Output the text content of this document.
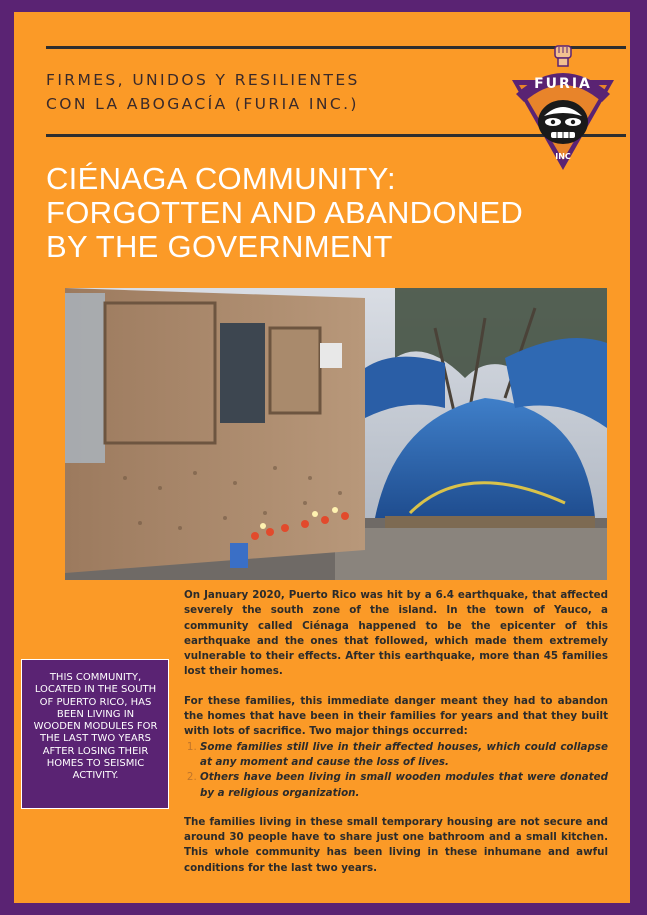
FIRMES, UNIDOS Y RESILIENTES
CON LA ABOGACÍA (FURIA INC.)
FURIA
INC
CIÉNAGA COMMUNITY:
FORGOTTEN AND ABANDONED
BY THE GOVERNMENT

On January 2020, Puerto Rico was hit by a 6.4 earthquake, that affected severely the south zone of the island. In the town of Yauco, a community called Ciénaga happened to be the epicenter of this earthquake and the ones that followed, which made them extremely vulnerable to their effects. After this earthquake, more than 45 families lost their homes.

For these families, this immediate danger meant they had to abandon the homes that have been in their families for years and that they built with lots of sacrifice. Two major things occurred:

1. Some families still live in their affected houses, which could collapse at any moment and cause the loss of lives.
2. Others have been living in small wooden modules that were donated by a religious organization.

The families living in these small temporary housing are not secure and around 30 people have to share just one bathroom and a small kitchen. This whole community has been living in these inhumane and awful conditions for the last two years.

THIS COMMUNITY, LOCATED IN THE SOUTH OF PUERTO RICO, HAS BEEN LIVING IN WOODEN MODULES FOR THE LAST TWO YEARS AFTER LOSING THEIR HOMES TO SEISMIC ACTIVITY.
